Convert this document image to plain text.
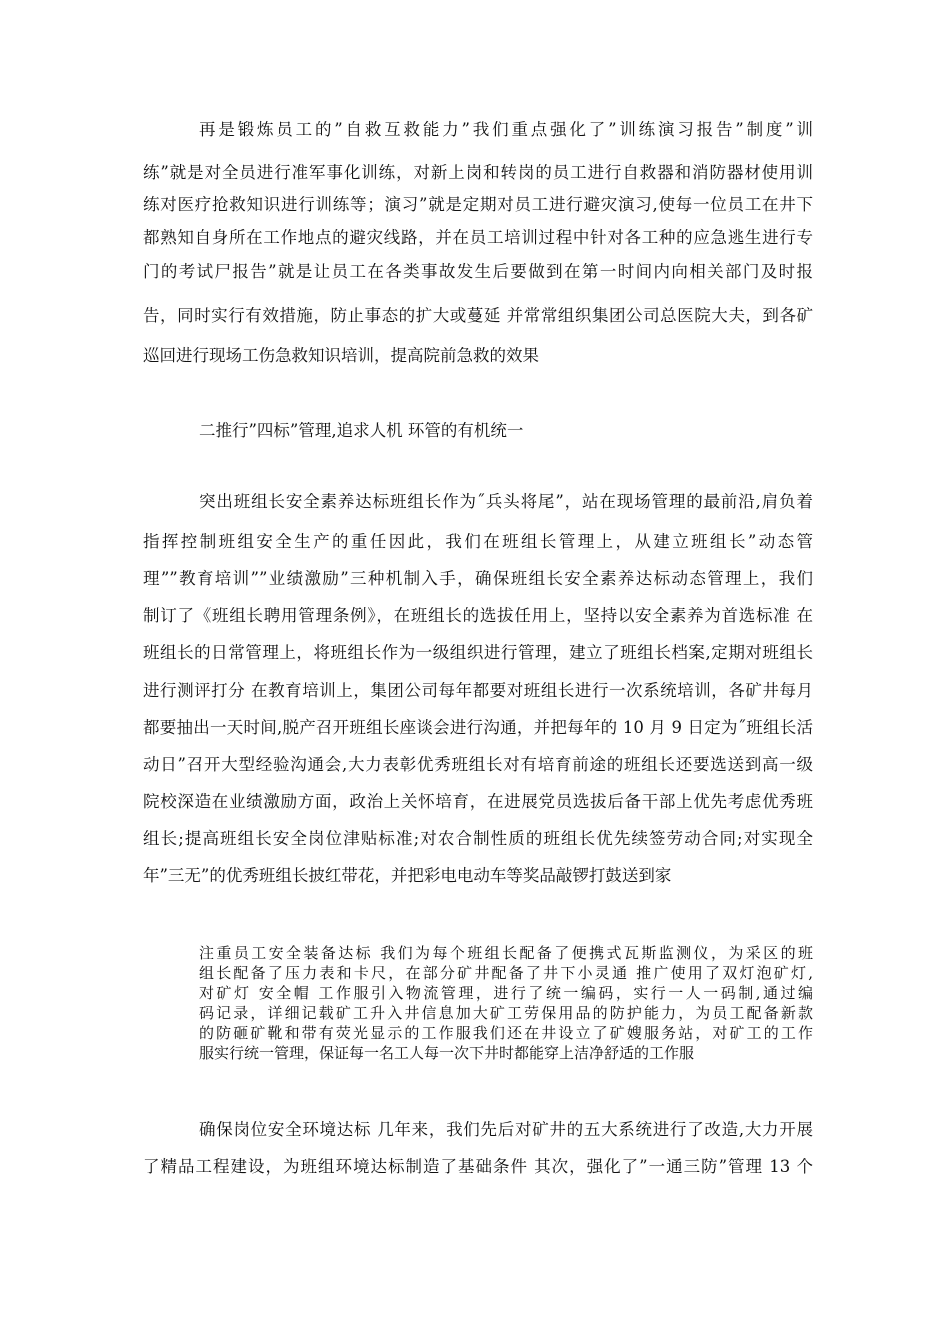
再是锻炼员工的”自救互救能力”我们重点强化了”训练演习报告”制度”训
练”就是对全员进行准军事化训练，对新上岗和转岗的员工进行自救器和消防器材使用训
练对医疗抢救知识进行训练等；演习”就是定期对员工进行避灾演习,使每一位员工在井下
都熟知自身所在工作地点的避灾线路，并在员工培训过程中针对各工种的应急逃生进行专
门的考试尸报告”就是让员工在各类事故发生后要做到在第一时间内向相关部门及时报
告，同时实行有效措施，防止事态的扩大或蔓延 并常常组织集团公司总医院大夫，到各矿
巡回进行现场工伤急救知识培训，提高院前急救的效果
二推行”四标”管理,追求人机 环管的有机统一
突出班组长安全素养达标班组长作为˝兵头将尾”，站在现场管理的最前沿,肩负着
指挥控制班组安全生产的重任因此，我们在班组长管理上，从建立班组长”动态管
理””教育培训””业绩激励”三种机制入手，确保班组长安全素养达标动态管理上，我们
制订了《班组长聘用管理条例》，在班组长的选拔任用上，坚持以安全素养为首选标准 在
班组长的日常管理上，将班组长作为一级组织进行管理，建立了班组长档案,定期对班组长
进行测评打分 在教育培训上，集团公司每年都要对班组长进行一次系统培训，各矿井每月
都要抽出一天时间,脱产召开班组长座谈会进行沟通，并把每年的 10 月 9 日定为˝班组长活
动日”召开大型经验沟通会,大力表彰优秀班组长对有培育前途的班组长还要选送到高一级
院校深造在业绩激励方面，政治上关怀培育，在进展党员选拔后备干部上优先考虑优秀班
组长;提高班组长安全岗位津贴标准;对农合制性质的班组长优先续签劳动合同;对实现全
年”三无”的优秀班组长披红带花，并把彩电电动车等奖品敲锣打鼓送到家
注重员工安全装备达标 我们为每个班组长配备了便携式瓦斯监测仪，为采区的班
组长配备了压力表和卡尺，在部分矿井配备了井下小灵通 推广使用了双灯泡矿灯,
对矿灯 安全帽 工作服引入物流管理，进行了统一编码，实行一人一码制,通过编
码记录，详细记载矿工升入井信息加大矿工劳保用品的防护能力，为员工配备新款
的防砸矿靴和带有荧光显示的工作服我们还在井设立了矿嫂服务站，对矿工的工作
服实行统一管理，保证每一名工人每一次下井时都能穿上洁净舒适的工作服
确保岗位安全环境达标 几年来，我们先后对矿井的五大系统进行了改造,大力开展
了精品工程建设，为班组环境达标制造了基础条件 其次，强化了”一通三防”管理 13 个
